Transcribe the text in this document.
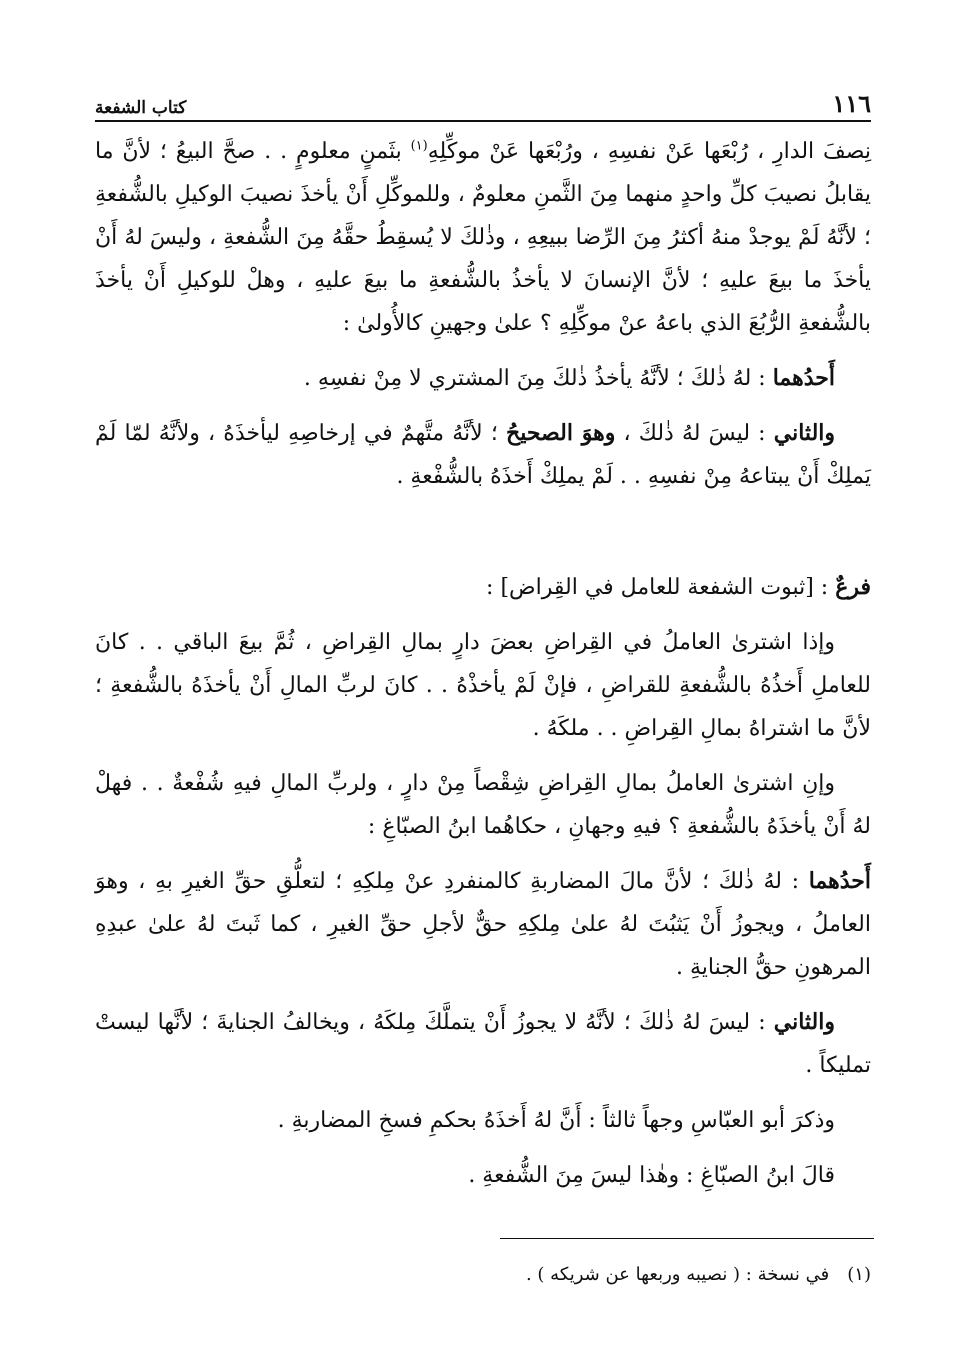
١١٦
كتاب الشفعة

نِصفَ الدارِ ، رُبْعَها عَنْ نفسِهِ ، ورُبْعَها عَنْ موكِّلِهِ$^{(١)}$ بثَمنٍ معلومٍ . . صحَّ البيعُ ؛ لأنَّ ما يقابلُ نصيبَ كلِّ واحدٍ منهما مِنَ الثَّمنِ معلومٌ ، وللموكِّلِ أَنْ يأخذَ نصيبَ الوكيلِ بالشُّفعةِ ؛ لأنَّهُ لَمْ يوجدْ منهُ أكثرُ مِنَ الرِّضا ببيعِهِ ، وذٰلكَ لا يُسقِطُ حقَّهُ مِنَ الشُّفعةِ ، وليسَ لهُ أَنْ يأخذَ ما بيعَ عليهِ ؛ لأنَّ الإنسانَ لا يأخذُ بالشُّفعةِ ما بيعَ عليهِ ، وهلْ للوكيلِ أَنْ يأخذَ بالشُّفعةِ الرُّبُعَ الذي باعهُ عنْ موكِّلِهِ ؟ علىٰ وجهينِ كالأُولىٰ :

أَحدُهما : لهُ ذٰلكَ ؛ لأنَّهُ يأخذُ ذٰلكَ مِنَ المشتري لا مِنْ نفسِهِ .

والثاني : ليسَ لهُ ذٰلكَ ، وهوَ الصحيحُ ؛ لأنَّهُ متَّهمٌ في إرخاصِهِ ليأخذَهُ ، ولأنَّهُ لمّا لَمْ يَملِكْ أَنْ يبتاعهُ مِنْ نفسِهِ . . لَمْ يملِكْ أَخذَهُ بالشُّفْعةِ .

فرعٌ : [ثبوت الشفعة للعامل في القِراض] :

وإذا اشترىٰ العاملُ في القِراضِ بعضَ دارٍ بمالِ القِراضِ ، ثُمَّ بيعَ الباقي . . كانَ للعاملِ أَخذُهُ بالشُّفعةِ للقراضِ ، فإنْ لَمْ يأخذْهُ . . كانَ لربِّ المالِ أَنْ يأخذَهُ بالشُّفعةِ ؛ لأنَّ ما اشتراهُ بمالِ القِراضِ . . ملكَهُ .

وإنِ اشترىٰ العاملُ بمالِ القِراضِ شِقْصاً مِنْ دارٍ ، ولربِّ المالِ فيهِ شُفْعةٌ . . فهلْ لهُ أَنْ يأخذَهُ بالشُّفعةِ ؟ فيهِ وجهانِ ، حكاهُما ابنُ الصبّاغِ :

أَحدُهما : لهُ ذٰلكَ ؛ لأنَّ مالَ المضاربةِ كالمنفردِ عنْ مِلكِهِ ؛ لتعلُّقِ حقِّ الغيرِ بهِ ، وهوَ العاملُ ، ويجوزُ أَنْ يَثبُتَ لهُ علىٰ مِلكِهِ حقٌّ لأجلِ حقِّ الغيرِ ، كما ثَبتَ لهُ علىٰ عبدِهِ المرهونِ حقُّ الجنايةِ .

والثاني : ليسَ لهُ ذٰلكَ ؛ لأنَّهُ لا يجوزُ أَنْ يتملَّكَ مِلكَهُ ، ويخالفُ الجنايةَ ؛ لأنَّها ليستْ تمليكاً .

وذكرَ أبو العبّاسِ وجهاً ثالثاً : أَنَّ لهُ أَخذَهُ بحكمِ فسخِ المضاربةِ .

قالَ ابنُ الصبّاغِ : وهٰذا ليسَ مِنَ الشُّفعةِ .

(١)في نسخة : ( نصيبه وربعها عن شريكه ) .
